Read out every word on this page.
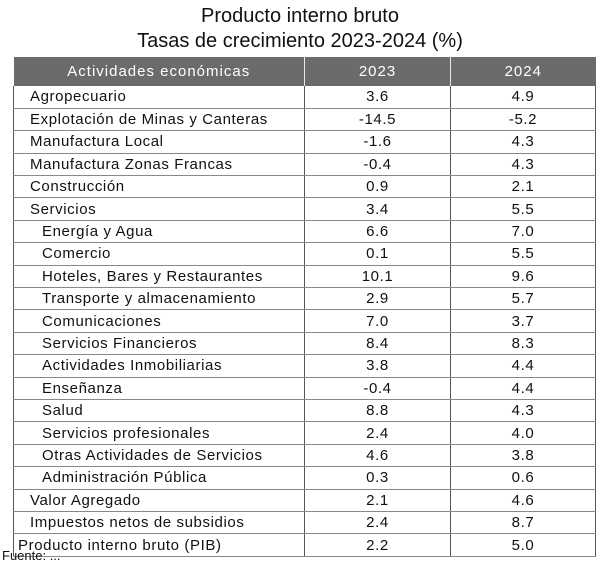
Producto interno bruto
Tasas de crecimiento 2023-2024 (%)
Actividades económicas	2023	2024
Agropecuario	3.6	4.9
Explotación de Minas y Canteras	-14.5	-5.2
Manufactura Local	-1.6	4.3
Manufactura Zonas Francas	-0.4	4.3
Construcción	0.9	2.1
Servicios	3.4	5.5
Energía y Agua	6.6	7.0
Comercio	0.1	5.5
Hoteles, Bares y Restaurantes	10.1	9.6
Transporte y almacenamiento	2.9	5.7
Comunicaciones	7.0	3.7
Servicios Financieros	8.4	8.3
Actividades Inmobiliarias	3.8	4.4
Enseñanza	-0.4	4.4
Salud	8.8	4.3
Servicios profesionales	2.4	4.0
Otras Actividades de Servicios	4.6	3.8
Administración Pública	0.3	0.6
Valor Agregado	2.1	4.6
Impuestos netos de subsidios	2.4	8.7
Producto interno bruto (PIB)	2.2	5.0
Fuente: ...
